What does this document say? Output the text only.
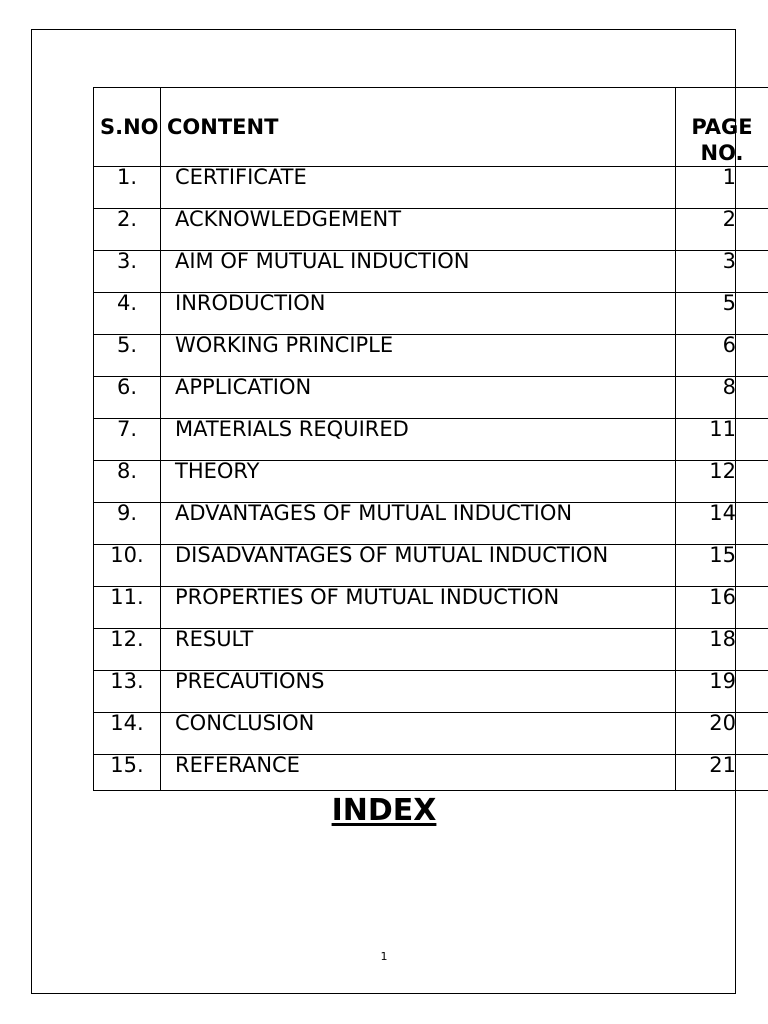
S.NO	CONTENT	PAGE
NO.

1.	CERTIFICATE	1

2.	ACKNOWLEDGEMENT	2

3.	AIM OF MUTUAL INDUCTION	3

4.	INRODUCTION	5

5.	WORKING PRINCIPLE	6

6.	APPLICATION	8

7.	MATERIALS REQUIRED	11

8.	THEORY	12

9.	ADVANTAGES OF MUTUAL INDUCTION	14

10.	DISADVANTAGES OF MUTUAL INDUCTION	15

11.	PROPERTIES OF MUTUAL INDUCTION	16

12.	RESULT	18

13.	PRECAUTIONS	19

14.	CONCLUSION	20

15.	REFERANCE	21
INDEX
1
